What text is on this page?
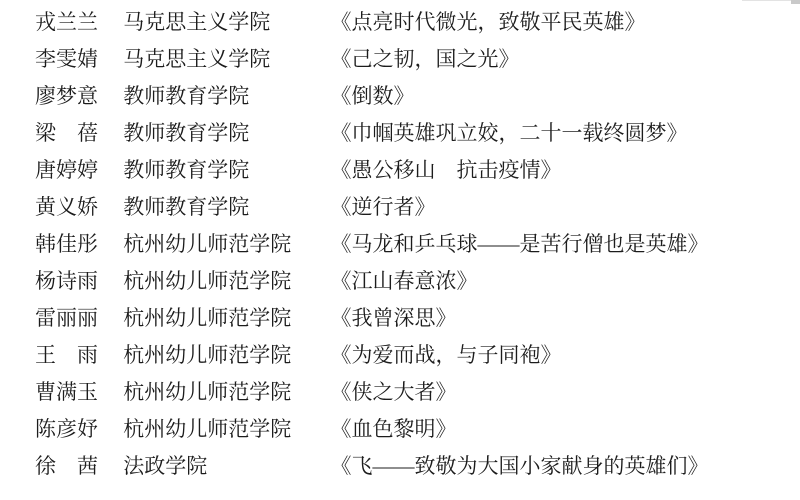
戎兰兰 马克思主义学院	《点亮时代微光，致敬平民英雄》
李雯婧 马克思主义学院	《己之韧，国之光》
廖梦意 教师教育学院	《倒数》
梁　蓓 教师教育学院	《巾帼英雄巩立姣，二十一载终圆梦》
唐婷婷 教师教育学院	《愚公移山　抗击疫情》
黄义娇 教师教育学院	《逆行者》
韩佳彤 杭州幼儿师范学院 《马龙和乒乓球——是苦行僧也是英雄》
杨诗雨 杭州幼儿师范学院 《江山春意浓》
雷丽丽 杭州幼儿师范学院 《我曾深思》
王　雨 杭州幼儿师范学院 《为爱而战，与子同袍》
曹满玉 杭州幼儿师范学院 《侠之大者》
陈彦妤 杭州幼儿师范学院 《血色黎明》
徐　茜 法政学院	《飞——致敬为大国小家献身的英雄们》
